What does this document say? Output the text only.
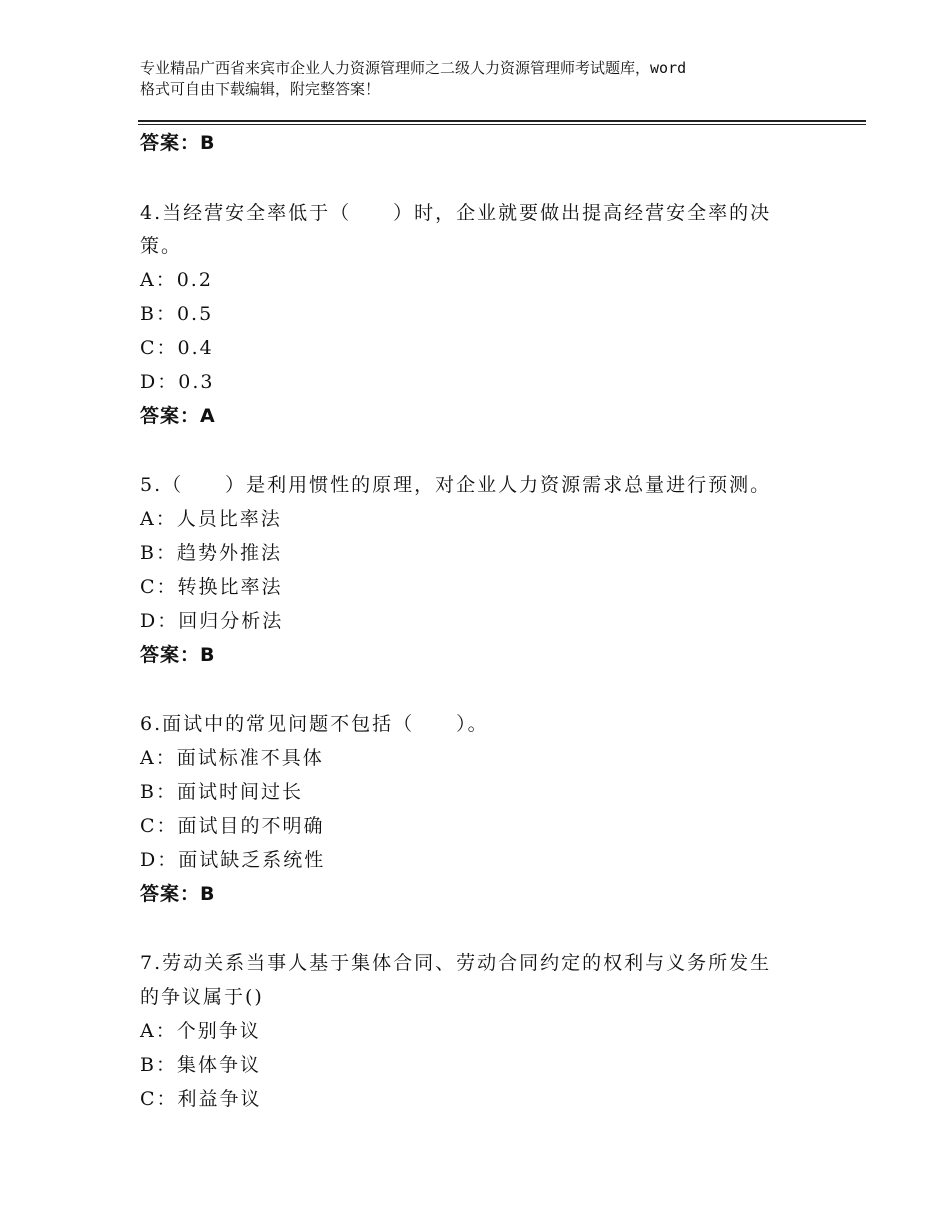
专业精品广西省来宾市企业人力资源管理师之二级人力资源管理师考试题库，word
格式可自由下载编辑，附完整答案！
答案：B
4.当经营安全率低于（　　）时，企业就要做出提高经营安全率的决
策。
A：0.2
B：0.5
C：0.4
D：0.3
答案：A
5.（　　）是利用惯性的原理，对企业人力资源需求总量进行预测。
A：人员比率法
B：趋势外推法
C：转换比率法
D：回归分析法
答案：B
6.面试中的常见问题不包括（　　）。
A：面试标准不具体
B：面试时间过长
C：面试目的不明确
D：面试缺乏系统性
答案：B
7.劳动关系当事人基于集体合同、劳动合同约定的权利与义务所发生
的争议属于()
A：个别争议
B：集体争议
C：利益争议
